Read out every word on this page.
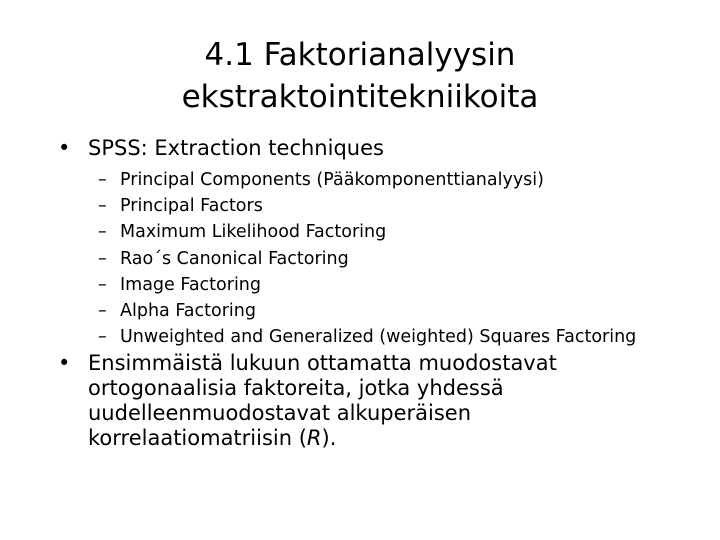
4.1 Faktorianalyysin
ekstraktointitekniikoita
• SPSS: Extraction techniques
– Principal Components (Pääkomponenttianalyysi)
– Principal Factors
– Maximum Likelihood Factoring
– Rao´s Canonical Factoring
– Image Factoring
– Alpha Factoring
– Unweighted and Generalized (weighted) Squares Factoring
• Ensimmäistä lukuun ottamatta muodostavat ortogonaalisia faktoreita, jotka yhdessä uudelleenmuodostavat alkuperäisen korrelaatiomatriisin (R).
